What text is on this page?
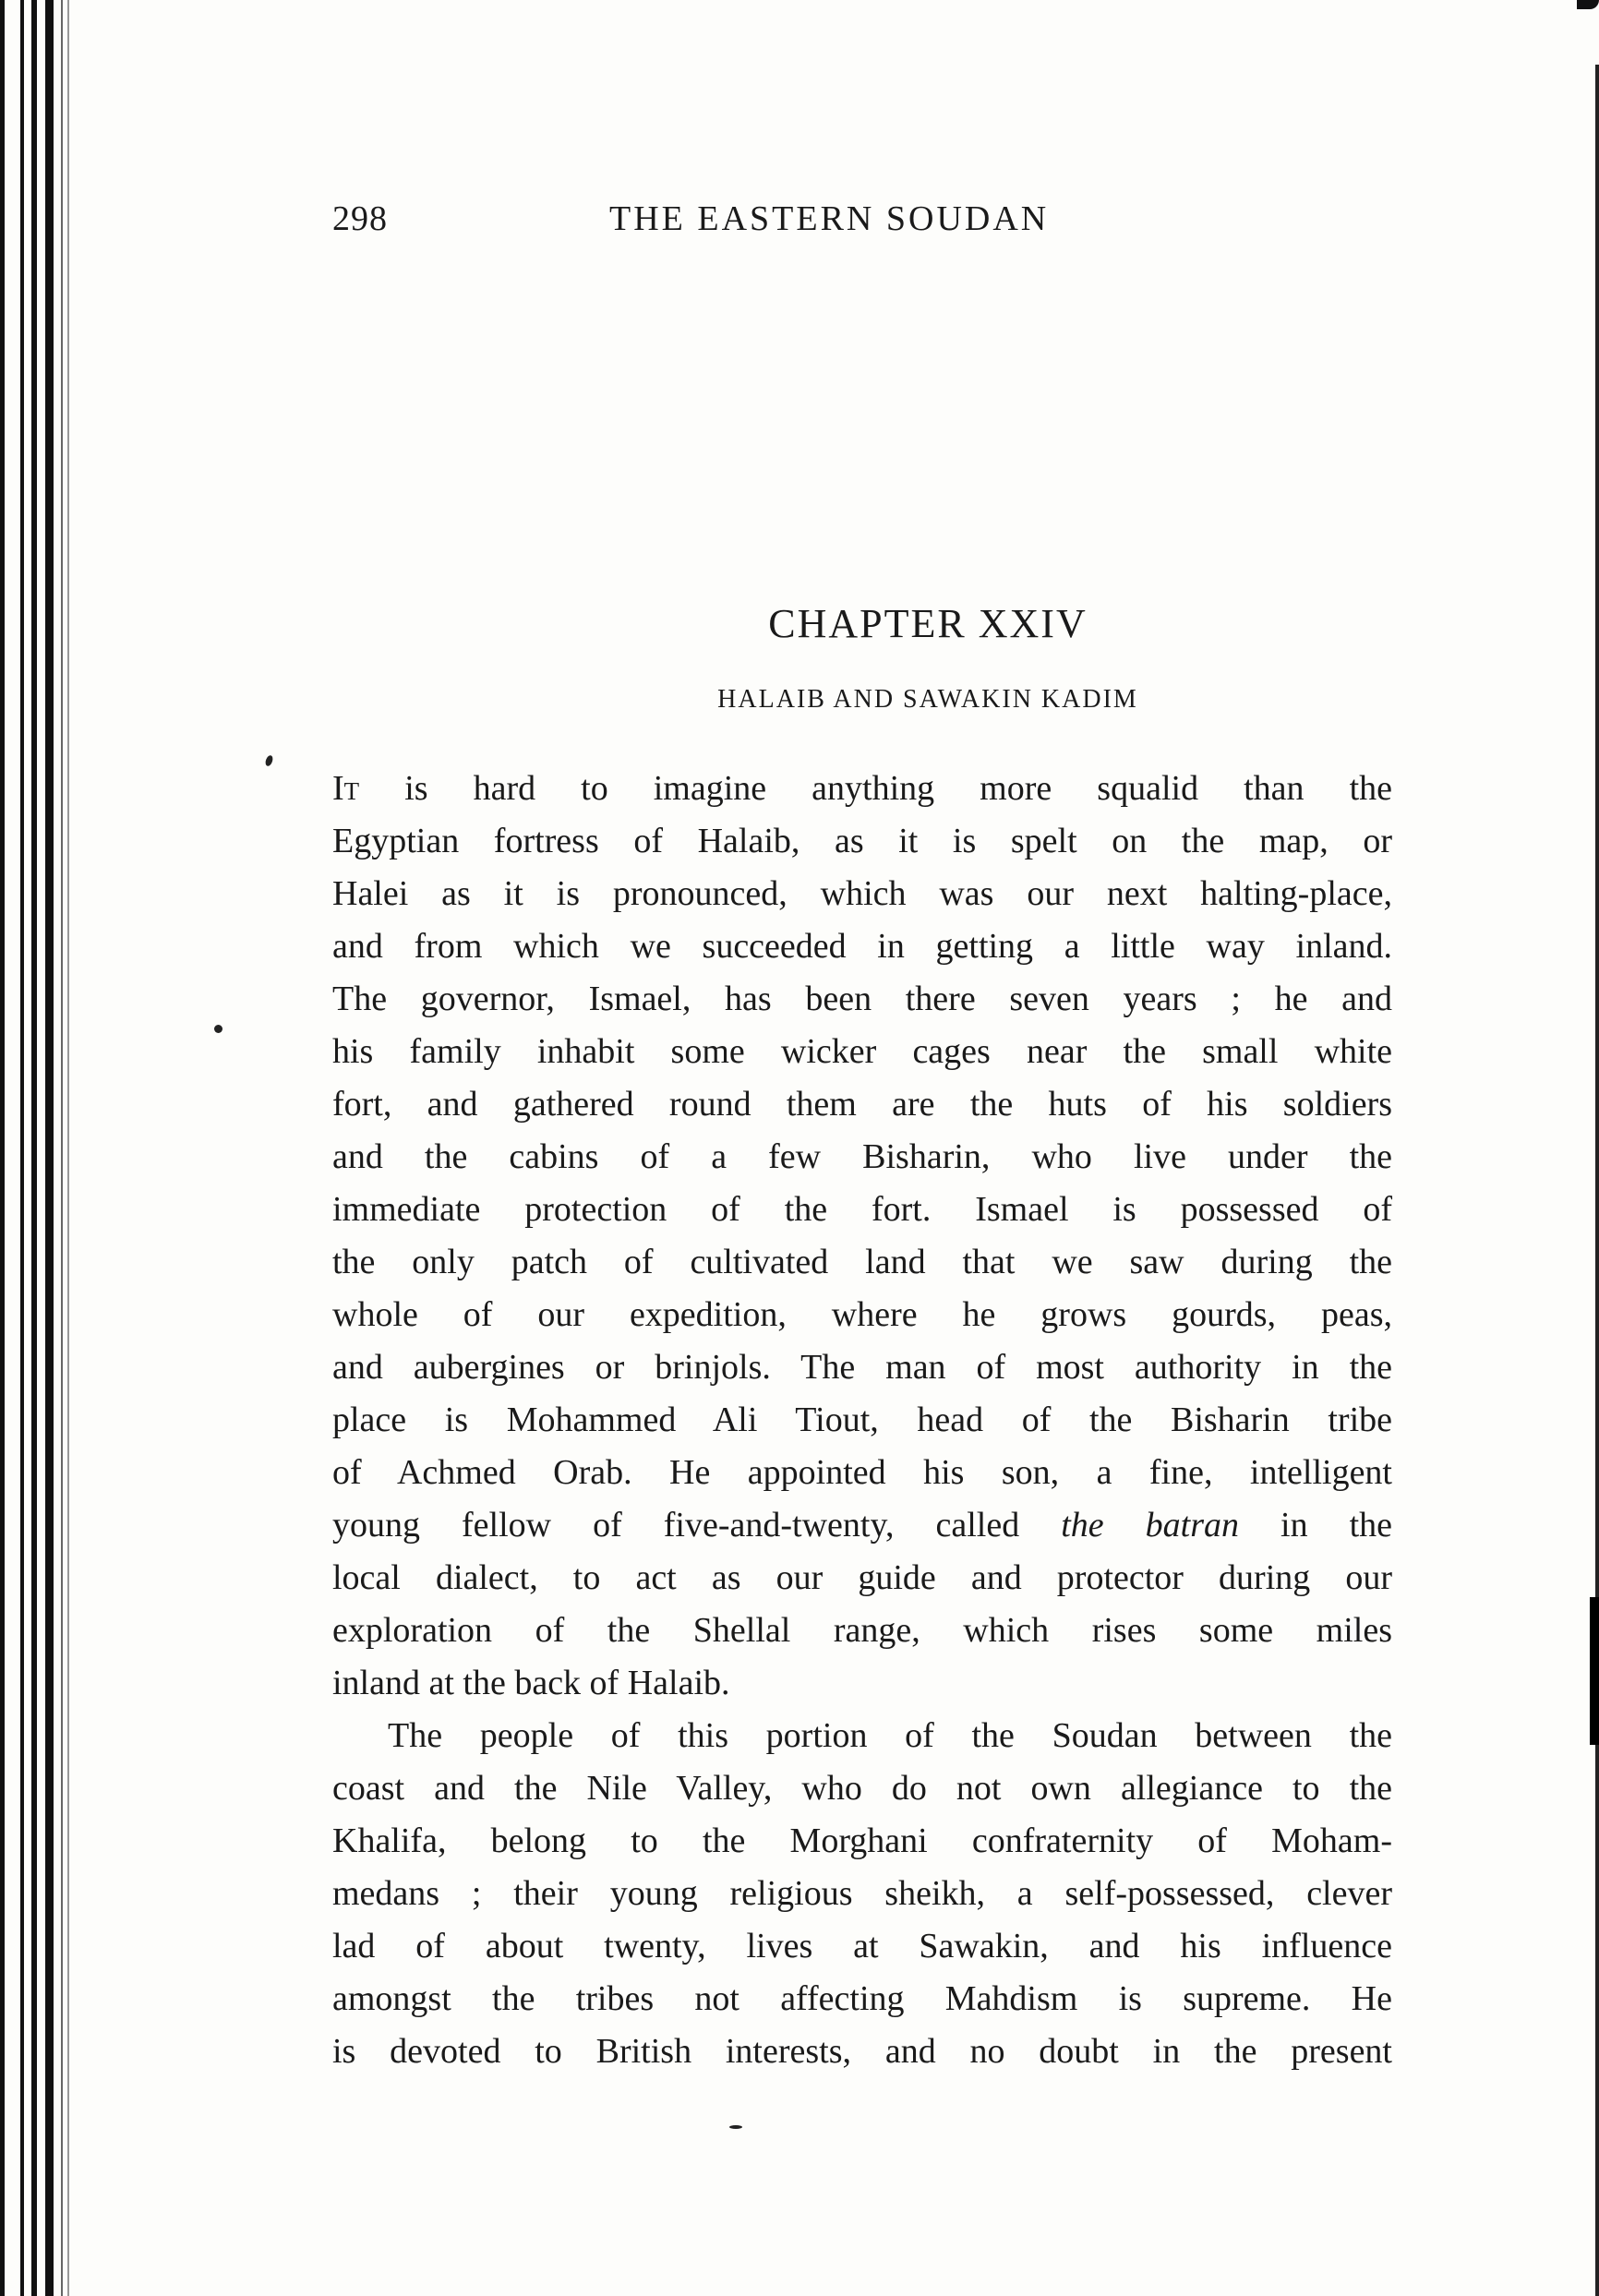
298	THE EASTERN SOUDAN
CHAPTER XXIV
HALAIB AND SAWAKIN KADIM
It is hard to imagine anything more squalid than the
Egyptian fortress of Halaib, as it is spelt on the map, or
Halei as it is pronounced, which was our next halting-place,
and from which we succeeded in getting a little way inland.
The governor, Ismael, has been there seven years ; he and
his family inhabit some wicker cages near the small white
fort, and gathered round them are the huts of his soldiers
and the cabins of a few Bisharin, who live under the
immediate protection of the fort. Ismael is possessed of
the only patch of cultivated land that we saw during the
whole of our expedition, where he grows gourds, peas,
and aubergines or brinjols. The man of most authority in the
place is Mohammed Ali Tiout, head of the Bisharin tribe
of Achmed Orab. He appointed his son, a fine, intelligent
young fellow of five-and-twenty, called the batran in the
local dialect, to act as our guide and protector during our
exploration of the Shellal range, which rises some miles
inland at the back of Halaib.
The people of this portion of the Soudan between the
coast and the Nile Valley, who do not own allegiance to the
Khalifa, belong to the Morghani confraternity of Moham-
medans ; their young religious sheikh, a self-possessed, clever
lad of about twenty, lives at Sawakin, and his influence
amongst the tribes not affecting Mahdism is supreme. He
is devoted to British interests, and no doubt in the present
